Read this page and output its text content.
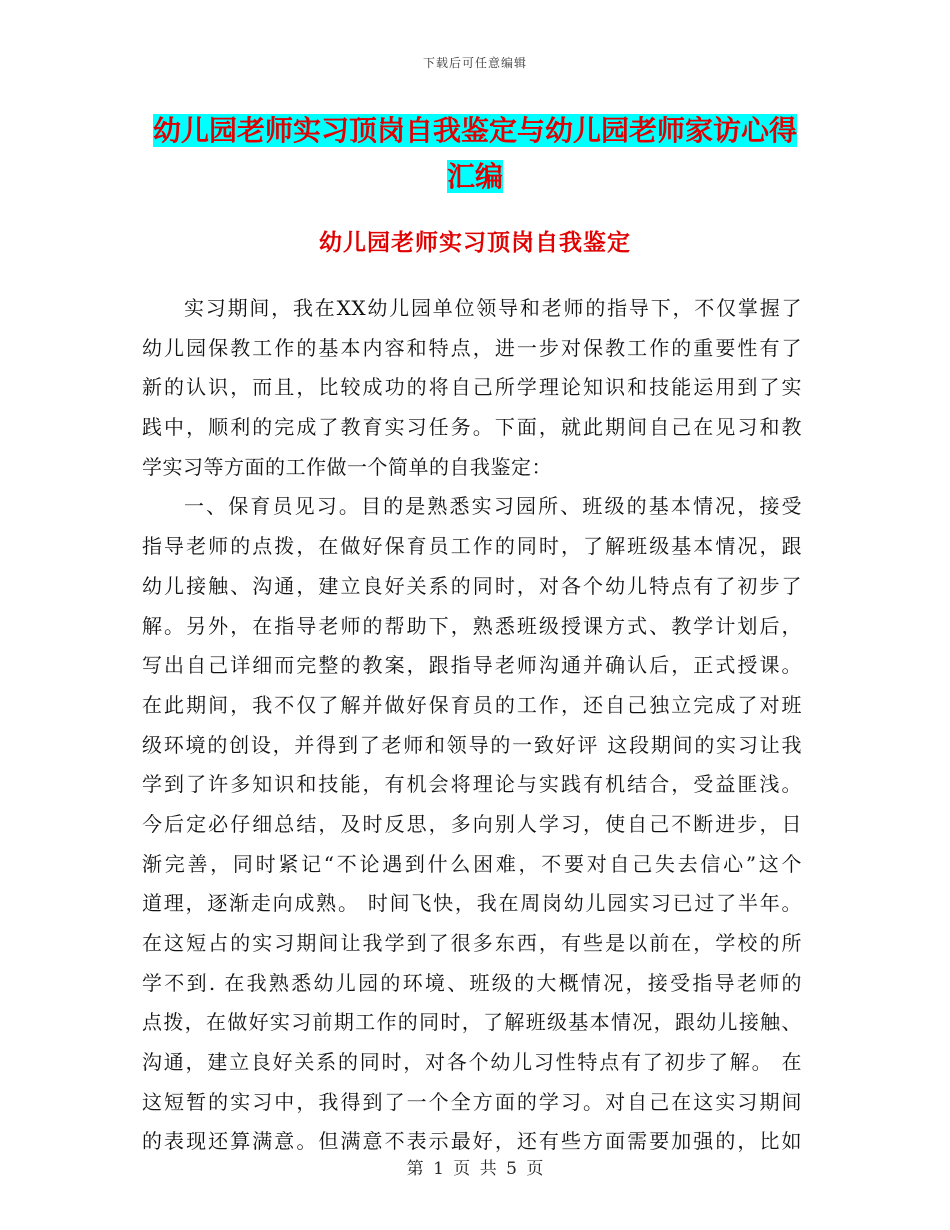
下载后可任意编辑
幼儿园老师实习顶岗自我鉴定与幼儿园老师家访心得
汇编
幼儿园老师实习顶岗自我鉴定
实习期间，我在XX幼儿园单位领导和老师的指导下，不仅掌握了
幼儿园保教工作的基本内容和特点，进一步对保教工作的重要性有了
新的认识，而且，比较成功的将自己所学理论知识和技能运用到了实
践中，顺利的完成了教育实习任务。下面，就此期间自己在见习和教
学实习等方面的工作做一个简单的自我鉴定：
一、保育员见习。目的是熟悉实习园所、班级的基本情况，接受
指导老师的点拨，在做好保育员工作的同时，了解班级基本情况，跟
幼儿接触、沟通，建立良好关系的同时，对各个幼儿特点有了初步了
解。另外，在指导老师的帮助下，熟悉班级授课方式、教学计划后，
写出自己详细而完整的教案，跟指导老师沟通并确认后，正式授课。
在此期间，我不仅了解并做好保育员的工作，还自己独立完成了对班
级环境的创设，并得到了老师和领导的一致好评 这段期间的实习让我
学到了许多知识和技能，有机会将理论与实践有机结合，受益匪浅。
今后定必仔细总结，及时反思，多向别人学习，使自己不断进步，日
渐完善，同时紧记“不论遇到什么困难，不要对自己失去信心”这个
道理，逐渐走向成熟。 时间飞快，我在周岗幼儿园实习已过了半年。
在这短占的实习期间让我学到了很多东西，有些是以前在，学校的所
学不到. 在我熟悉幼儿园的环境、班级的大概情况，接受指导老师的
点拨，在做好实习前期工作的同时，了解班级基本情况，跟幼儿接触、
沟通，建立良好关系的同时，对各个幼儿习性特点有了初步了解。 在
这短暂的实习中，我得到了一个全方面的学习。对自己在这实习期间
的表现还算满意。但满意不表示最好，还有些方面需要加强的，比如
第 1 页 共 5 页
